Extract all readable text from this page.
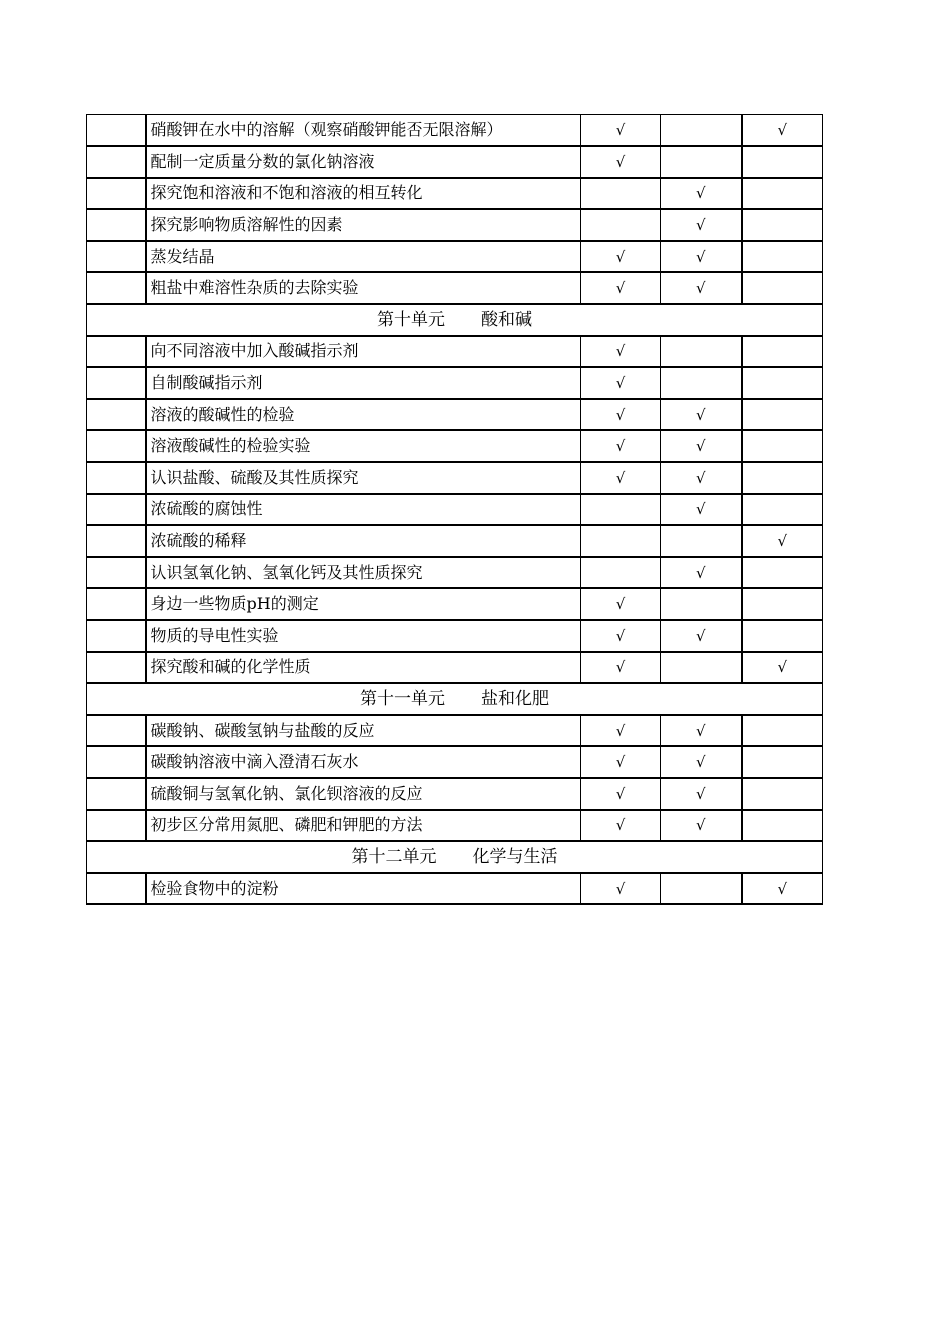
	硝酸钾在水中的溶解（观察硝酸钾能否无限溶解）	√		√
	配制一定质量分数的氯化钠溶液	√		
	探究饱和溶液和不饱和溶液的相互转化		√	
	探究影响物质溶解性的因素		√	
	蒸发结晶	√	√	
	粗盐中难溶性杂质的去除实验	√	√	
第十单元 酸和碱				
	向不同溶液中加入酸碱指示剂	√		
	自制酸碱指示剂	√		
	溶液的酸碱性的检验	√	√	
	溶液酸碱性的检验实验	√	√	
	认识盐酸、硫酸及其性质探究	√	√	
	浓硫酸的腐蚀性		√	
	浓硫酸的稀释			√
	认识氢氧化钠、氢氧化钙及其性质探究		√	
	身边一些物质pH的测定	√		
	物质的导电性实验	√	√	
	探究酸和碱的化学性质	√		√
第十一单元 盐和化肥				
	碳酸钠、碳酸氢钠与盐酸的反应	√	√	
	碳酸钠溶液中滴入澄清石灰水	√	√	
	硫酸铜与氢氧化钠、氯化钡溶液的反应	√	√	
	初步区分常用氮肥、磷肥和钾肥的方法	√	√	
第十二单元 化学与生活				
	检验食物中的淀粉	√		√
